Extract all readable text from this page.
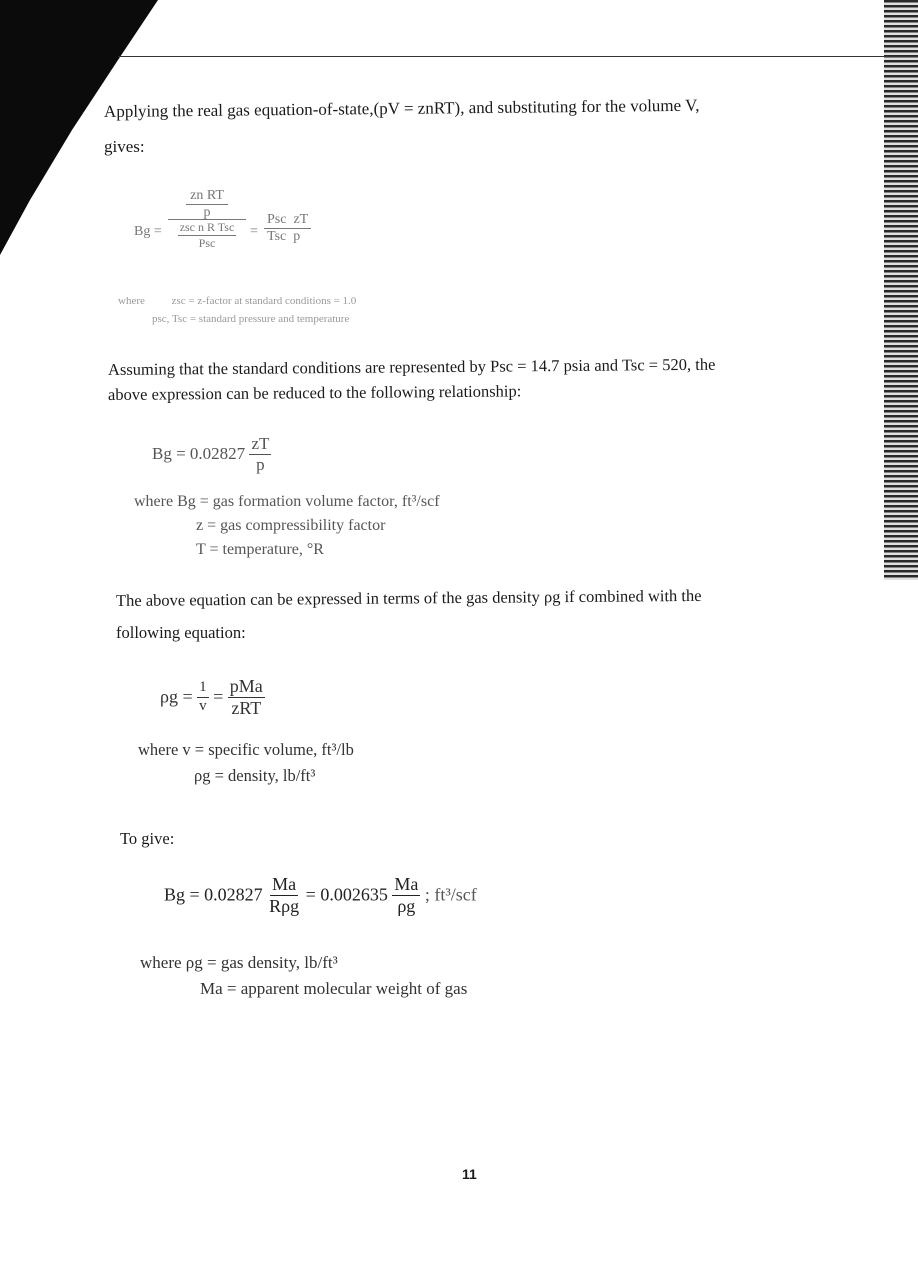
Applying the real gas equation-of-state,(pV = znRT), and substituting for the volume V,

gives:

Bg =
zn RT
p
zsc n R Tsc
Psc
=
Psc zT
Tsc p
where zsc = z-factor at standard conditions = 1.0
psc, Tsc = standard pressure and temperature

Assuming that the standard conditions are represented by Psc = 14.7 psia and Tsc = 520, the

above expression can be reduced to the following relationship:

$Bg = 0.02827 \frac{zT}{p}$
where Bg = gas formation volume factor, ft³/scf
z = gas compressibility factor
T = temperature, °R

The above equation can be expressed in terms of the gas density ρg if combined with the

following equation:

$\rho g = \frac{1}{v} = \frac{\text{pMa}}{\text{zRT}}$
where v = specific volume, ft³/lb
ρg = density, lb/ft³

To give:

$Bg = 0.02827 \frac{Ma}{\text{Rρg}} = 0.002635 \frac{Ma}{\rho g}$ ; ft³/scf
where ρg = gas density, lb/ft³
Ma = apparent molecular weight of gas
11
